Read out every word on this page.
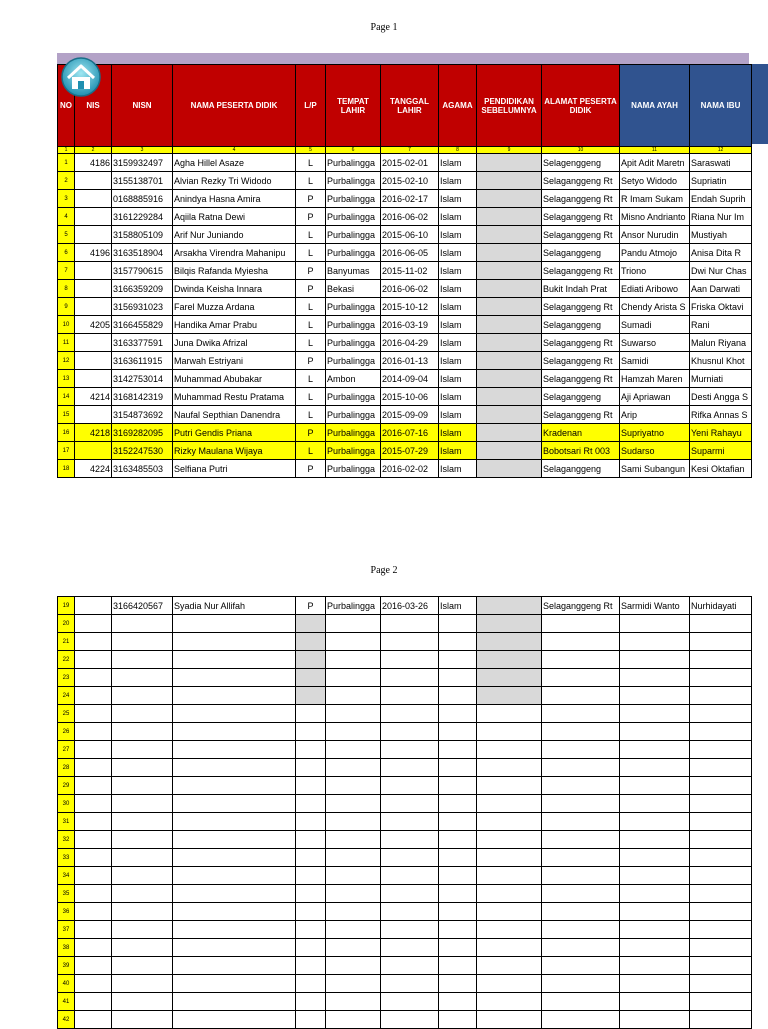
Page 1
NO	NIS	NISN	NAMA PESERTA DIDIK	L/P	TEMPAT LAHIR	TANGGAL LAHIR	AGAMA	PENDIDIKAN SEBELUMNYA	ALAMAT PESERTA DIDIK	NAMA AYAH	NAMA IBU
1	2	3	4	5	6	7	8	9	10	11	12
1	4186	3159932497	Agha Hillel Asaze	L	Purbalingga	2015-02-01	Islam		Selagenggeng	Apit Adit Maretn	Saraswati
2		3155138701	Alvian Rezky Tri Widodo	L	Purbalingga	2015-02-10	Islam		Selaganggeng Rt	Setyo Widodo	Supriatin
3		0168885916	Anindya Hasna Amira	P	Purbalingga	2016-02-17	Islam		Selaganggeng Rt	R Imam Sukam	Endah Suprih
4		3161229284	Aqiila Ratna Dewi	P	Purbalingga	2016-06-02	Islam		Selaganggeng Rt	Misno Andrianto	Riana Nur Im
5		3158805109	Arif Nur Juniando	L	Purbalingga	2015-06-10	Islam		Selaganggeng Rt	Ansor Nurudin	Mustiyah
6	4196	3163518904	Arsakha Virendra Mahanipu	L	Purbalingga	2016-06-05	Islam		Selaganggeng	Pandu Atmojo	Anisa Dita R
7		3157790615	Bilqis Rafanda Myiesha	P	Banyumas	2015-11-02	Islam		Selaganggeng Rt	Triono	Dwi Nur Chas
8		3166359209	Dwinda Keisha Innara	P	Bekasi	2016-06-02	Islam		Bukit Indah Prat	Ediati Aribowo	Aan Darwati
9		3156931023	Farel Muzza Ardana	L	Purbalingga	2015-10-12	Islam		Selaganggeng Rt	Chendy Arista S	Friska Oktavi
10	4205	3166455829	Handika Amar Prabu	L	Purbalingga	2016-03-19	Islam		Selaganggeng	Sumadi	Rani
11		3163377591	Juna Dwika Afrizal	L	Purbalingga	2016-04-29	Islam		Selaganggeng Rt	Suwarso	Malun Riyana
12		3163611915	Marwah Estriyani	P	Purbalingga	2016-01-13	Islam		Selaganggeng Rt	Samidi	Khusnul Khot
13		3142753014	Muhammad Abubakar	L	Ambon	2014-09-04	Islam		Selaganggeng Rt	Hamzah Maren	Murniati
14	4214	3168142319	Muhammad Restu Pratama	L	Purbalingga	2015-10-06	Islam		Selaganggeng	Aji Apriawan	Desti Angga S
15		3154873692	Naufal Septhian Danendra	L	Purbalingga	2015-09-09	Islam		Selaganggeng Rt	Arip	Rifka Annas S
16	4218	3169282095	Putri Gendis Priana	P	Purbalingga	2016-07-16	Islam		Kradenan	Supriyatno	Yeni Rahayu
17		3152247530	Rizky Maulana Wijaya	L	Purbalingga	2015-07-29	Islam		Bobotsari Rt 003	Sudarso	Suparmi
18	4224	3163485503	Selfiana Putri	P	Purbalingga	2016-02-02	Islam		Selaganggeng	Sami Subangun	Kesi Oktafian
Page 2
19		3166420567	Syadia Nur Allifah	P	Purbalingga	2016-03-26	Islam		Selaganggeng Rt	Sarmidi Wanto	Nurhidayati
20											
21											
22											
23											
24											
25											
26											
27											
28											
29											
30											
31											
32											
33											
34											
35											
36											
37											
38											
39											
40											
41											
42											
